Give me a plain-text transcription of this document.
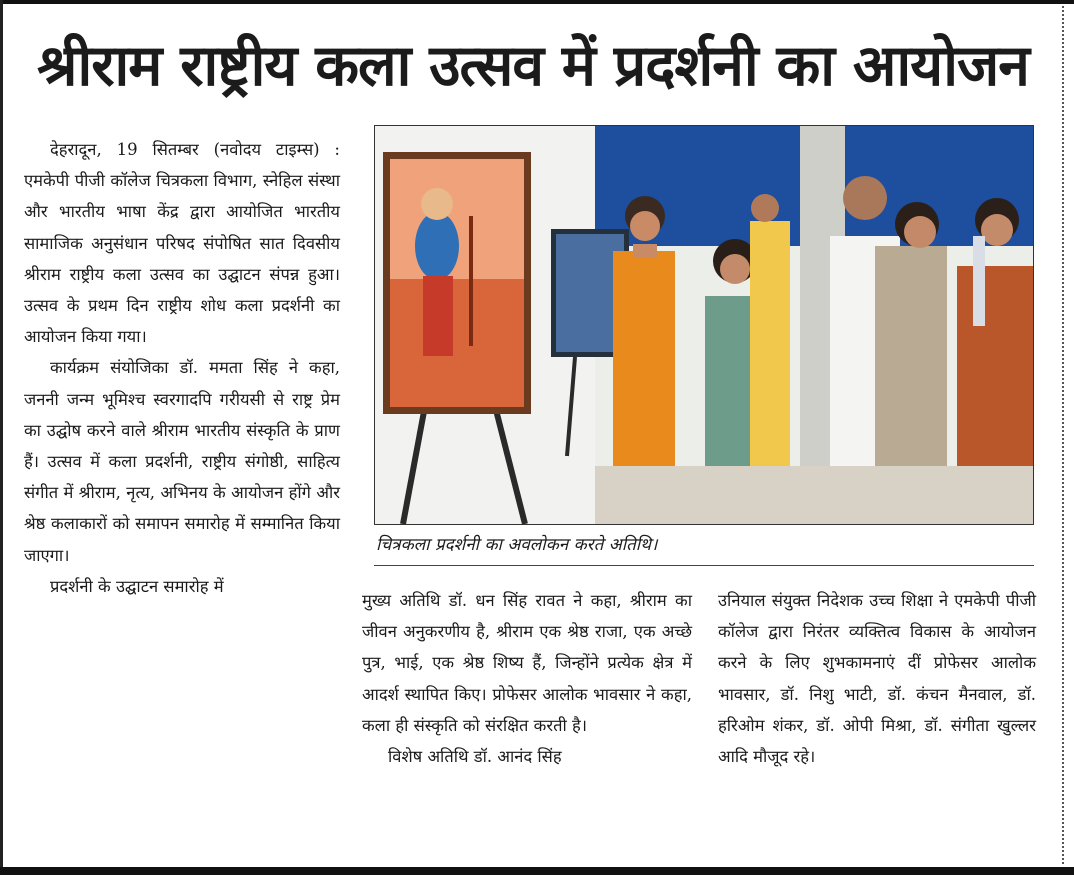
श्रीराम राष्ट्रीय कला उत्सव में प्रदर्शनी का आयोजन

देहरादून, 19 सितम्बर (नवोदय टाइम्स) : एमकेपी पीजी कॉलेज चित्रकला विभाग, स्नेहिल संस्था और भारतीय भाषा केंद्र द्वारा आयोजित भारतीय सामाजिक अनुसंधान परिषद संपोषित सात दिवसीय श्रीराम राष्ट्रीय कला उत्सव का उद्घाटन संपन्न हुआ। उत्सव के प्रथम दिन राष्ट्रीय शोध कला प्रदर्शनी का आयोजन किया गया।

कार्यक्रम संयोजिका डॉ. ममता सिंह ने कहा, जननी जन्म भूमिश्च स्वरगादपि गरीयसी से राष्ट्र प्रेम का उद्घोष करने वाले श्रीराम भारतीय संस्कृति के प्राण हैं। उत्सव में कला प्रदर्शनी, राष्ट्रीय संगोष्ठी, साहित्य संगीत में श्रीराम, नृत्य, अभिनय के आयोजन होंगे और श्रेष्ठ कलाकारों को समापन समारोह में सम्मानित किया जाएगा।

प्रदर्शनी के उद्घाटन समारोह में

चित्रकला प्रदर्शनी का अवलोकन करते अतिथि।

मुख्य अतिथि डॉ. धन सिंह रावत ने कहा, श्रीराम का जीवन अनुकरणीय है, श्रीराम एक श्रेष्ठ राजा, एक अच्छे पुत्र, भाई, एक श्रेष्ठ शिष्य हैं, जिन्होंने प्रत्येक क्षेत्र में आदर्श स्थापित किए। प्रोफेसर आलोक भावसार ने कहा, कला ही संस्कृति को संरक्षित करती है।

विशेष अतिथि डॉ. आनंद सिंह

उनियाल संयुक्त निदेशक उच्च शिक्षा ने एमकेपी पीजी कॉलेज द्वारा निरंतर व्यक्तित्व विकास के आयोजन करने के लिए शुभकामनाएं दीं प्रोफेसर आलोक भावसार, डॉ. निशु भाटी, डॉ. कंचन मैनवाल, डॉ. हरिओम शंकर, डॉ. ओपी मिश्रा, डॉ. संगीता खुल्लर आदि मौजूद रहे।
